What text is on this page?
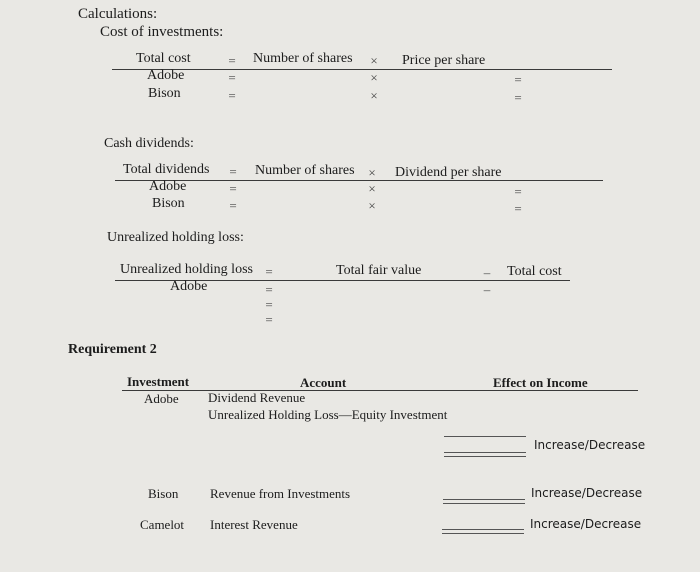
Calculations:
Cost of investments:
Total cost	= Number of shares × Price per share
Adobe	=	×	=
Bison	=	×	=
Cash dividends:
Total dividends = Number of shares × Dividend per share
Adobe	=	×	=
Bison	=	×	=
Unrealized holding loss:
Unrealized holding loss =	Total fair value	– Total cost
Adobe	=	–
=
=
Requirement 2
Investment	Account	Effect on Income
Adobe Dividend Revenue
Unrealized Holding Loss—Equity Investment
Increase/Decrease
Bison Revenue from Investments	Increase/Decrease
Camelot Interest Revenue	Increase/Decrease
